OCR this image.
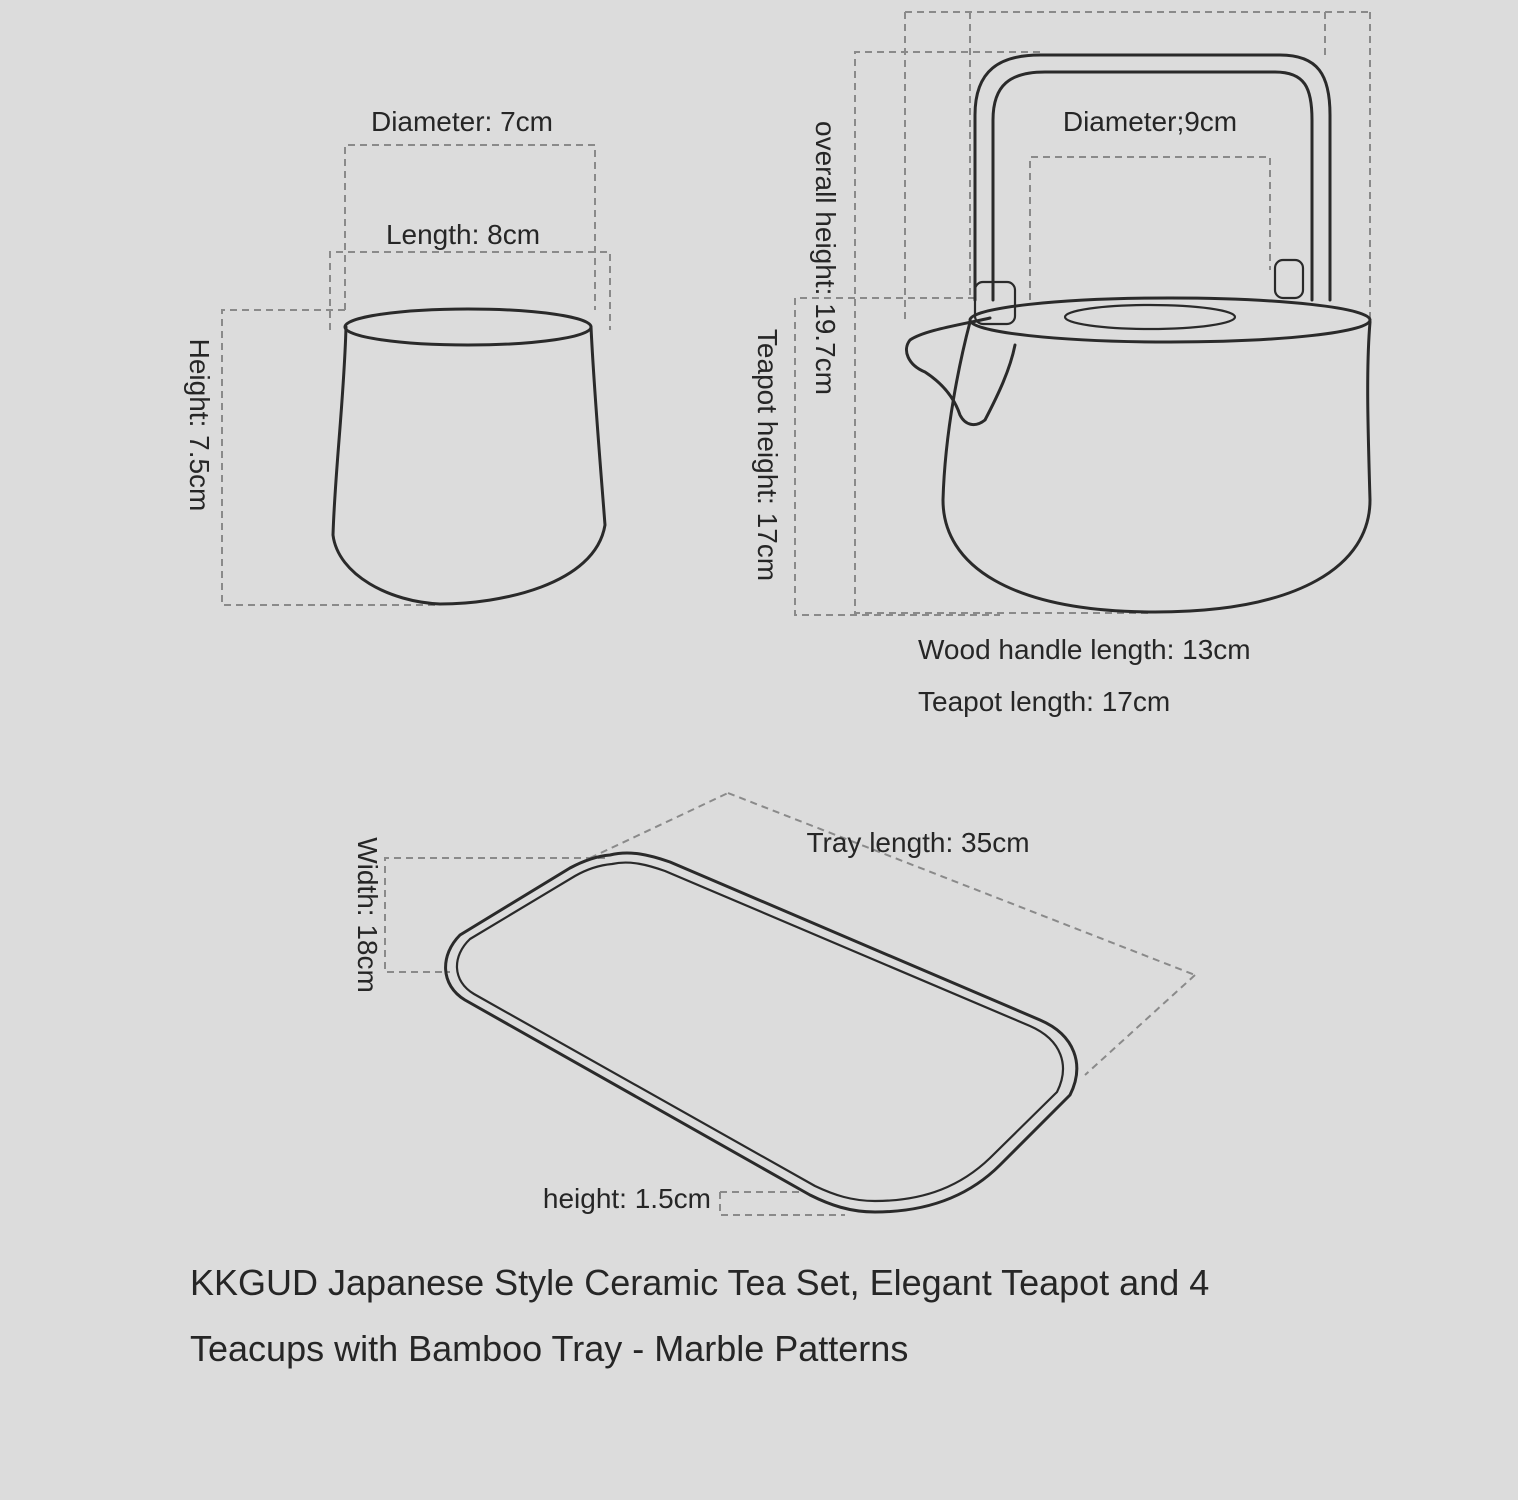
Diameter: 7cm
Length: 8cm
Height: 7.5cm
overall height: 19.7cm	Diameter;9cm
Teapot height: 17cm
Wood handle length: 13cm
Teapot length: 17cm
Tray length: 35cm
Width: 18cm
height: 1.5cm
KKGUD Japanese Style Ceramic Tea Set, Elegant Teapot and 4
Teacups with Bamboo Tray - Marble Patterns
